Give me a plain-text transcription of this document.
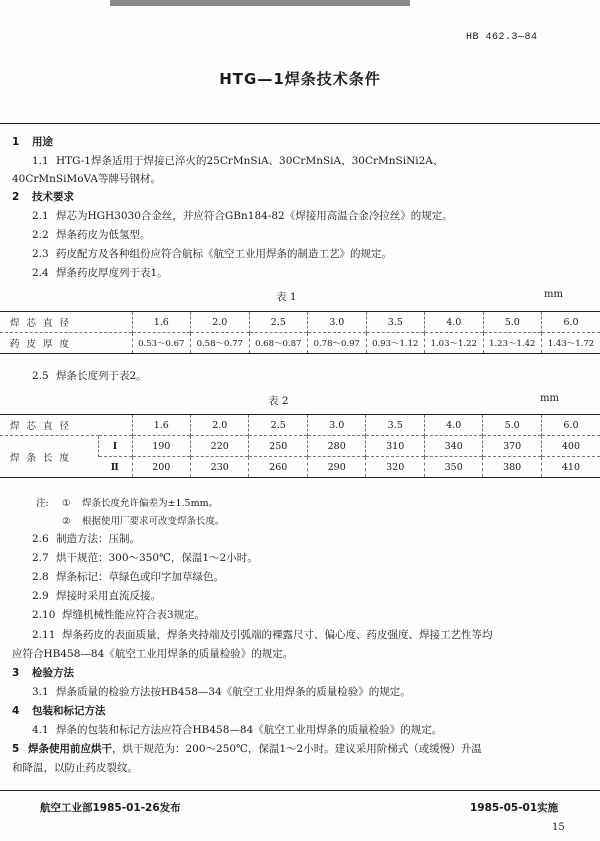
HB 462.3—84
HTG—1焊条技术条件
1 用途
1.1 HTG-1焊条适用于焊接已淬火的25CrMnSiA、30CrMnSiA、30CrMnSiNi2A、
40CrMnSiMoVA等牌号钢材。
2 技术要求
2.1 焊芯为HGH3030合金丝，并应符合GBn184-82《焊接用高温合金冷拉丝》的规定。
2.2 焊条药皮为低氢型。
2.3 药皮配方及各种组份应符合航标《航空工业用焊条的制造工艺》的规定。
2.4 焊条药皮厚度列于表1。
表 1	mm
焊芯直径	1.6	2.0	2.5	3.0	3.5	4.0	5.0	6.0
药皮厚度	0.53～0.67	0.58～0.77	0.68～0.87	0.78～0.97	0.93～1.12	1.03～1.22	1.23～1.42	1.43～1.72
2.5 焊条长度列于表2。
表 2	mm
焊芯直径		1.6	2.0	2.5	3.0	3.5	4.0	5.0	6.0
焊条长度	Ⅰ	190	220	250	280	310	340	370	400
	Ⅱ	200	230	260	290	320	350	380	410
注: ① 焊条长度允许偏差为±1.5mm。
② 根据使用厂要求可改变焊条长度。
2.6 制造方法：压制。
2.7 烘干规范：300～350℃，保温1～2小时。
2.8 焊条标记：草绿色或印字加草绿色。
2.9 焊接时采用直流反接。
2.10 焊缝机械性能应符合表3规定。
2.11 焊条药皮的表面质量，焊条夹持端及引弧端的裸露尺寸、偏心度、药皮强度、焊接工艺性等均
应符合HB458—84《航空工业用焊条的质量检验》的规定。
3 检验方法
3.1 焊条质量的检验方法按HB458—34《航空工业用焊条的质量检验》的规定。
4 包装和标记方法
4.1 焊条的包装和标记方法应符合HB458—84《航空工业用焊条的质量检验》的规定。
5 焊条使用前应烘干，烘干规范为：200～250℃，保温1～2小时。建议采用阶梯式（或缓慢）升温
和降温，以防止药皮裂纹。
航空工业部1985-01-26发布	1985-05-01实施
15
